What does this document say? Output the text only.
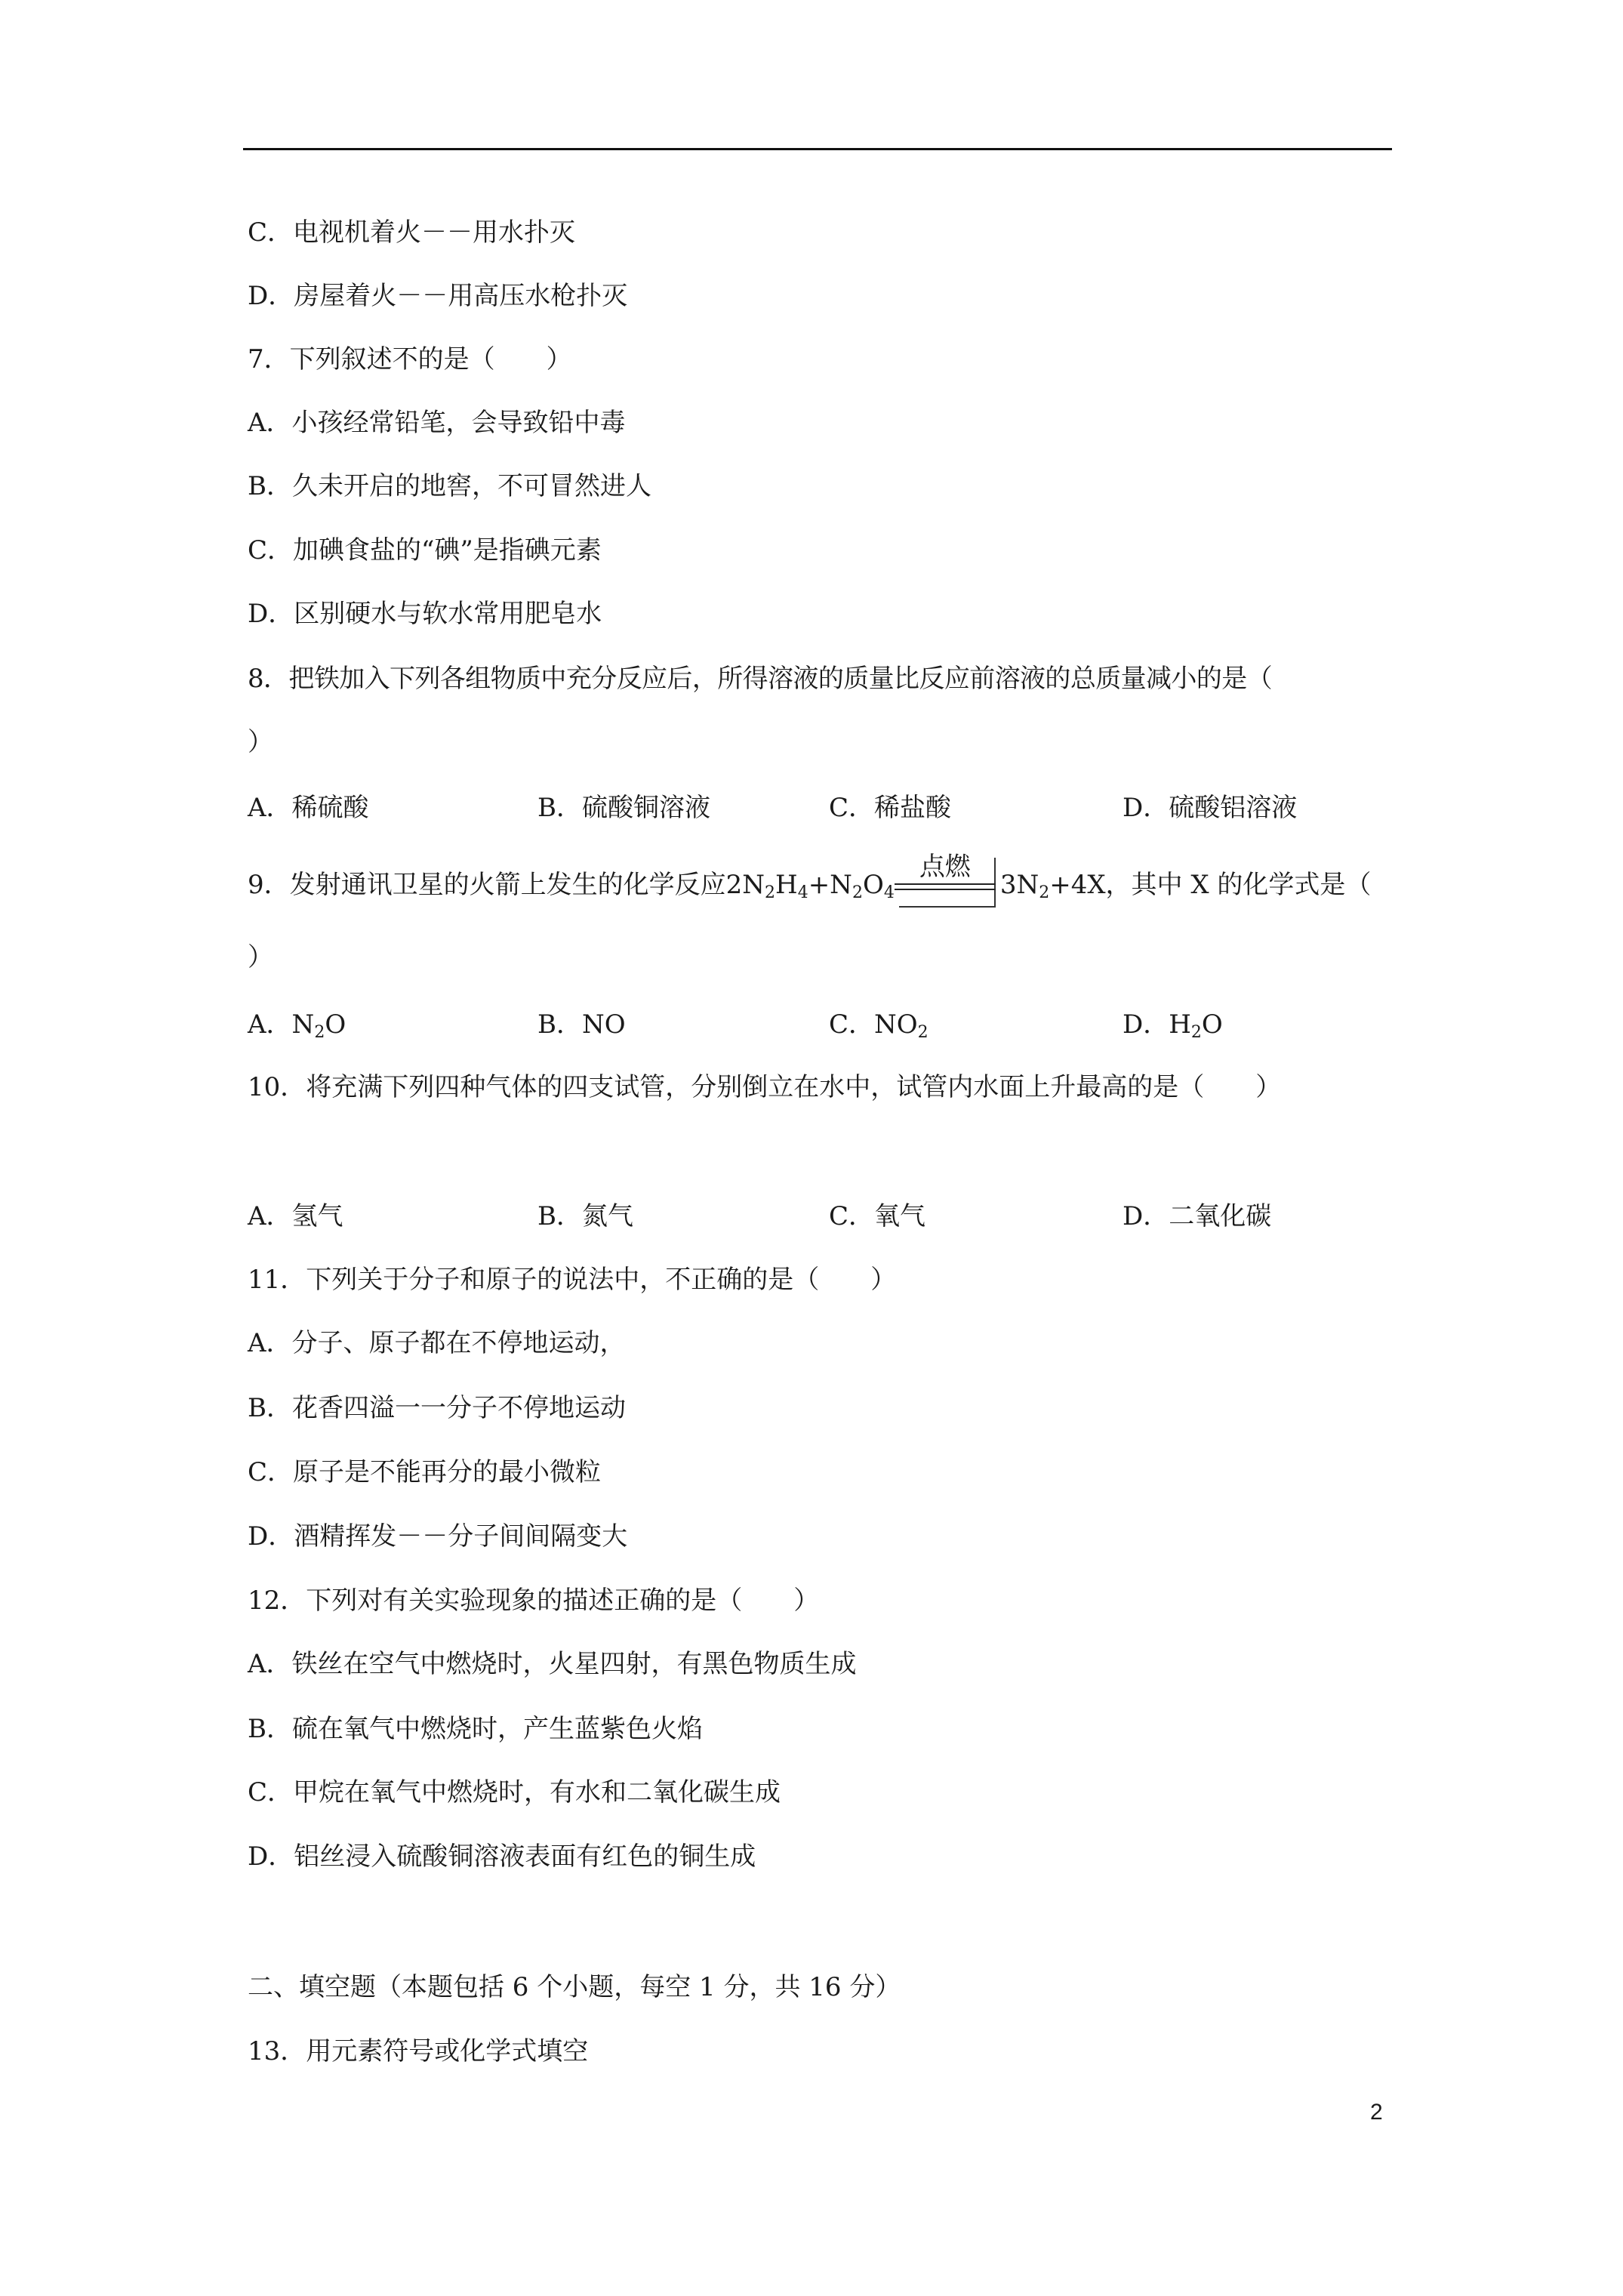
C．电视机着火－－用水扑灭
D．房屋着火－－用高压水枪扑灭
7．下列叙述不的是（　　）
A．小孩经常铅笔，会导致铅中毒
B．久未开启的地窖，不可冒然进人
C．加碘食盐的“碘”是指碘元素
D．区别硬水与软水常用肥皂水
8．把铁加入下列各组物质中充分反应后，所得溶液的质量比反应前溶液的总质量减小的是（
）
A．稀硫酸	B．硫酸铜溶液	C．稀盐酸	D．硫酸铝溶液
9．发射通讯卫星的火箭上发生的化学反应$2N_2H_4+N_2O_4$
点燃
$3N_2+4X$，其中 X 的化学式是（
）
A．$N_2O$	B．NO	C．$NO_2$	D．$H_2O$
10．将充满下列四种气体的四支试管，分别倒立在水中，试管内水面上升最高的是（　　）
A．氢气	B．氮气	C．氧气	D．二氧化碳
11．下列关于分子和原子的说法中，不正确的是（　　）
A．分子、原子都在不停地运动，
B．花香四溢一一分子不停地运动
C．原子是不能再分的最小微粒
D．酒精挥发－－分子间间隔变大
12．下列对有关实验现象的描述正确的是（　　）
A．铁丝在空气中燃烧时，火星四射，有黑色物质生成
B．硫在氧气中燃烧时，产生蓝紫色火焰
C．甲烷在氧气中燃烧时，有水和二氧化碳生成
D．铝丝浸入硫酸铜溶液表面有红色的铜生成
二、填空题（本题包括 6 个小题，每空 1 分，共 16 分）
13．用元素符号或化学式填空
2
